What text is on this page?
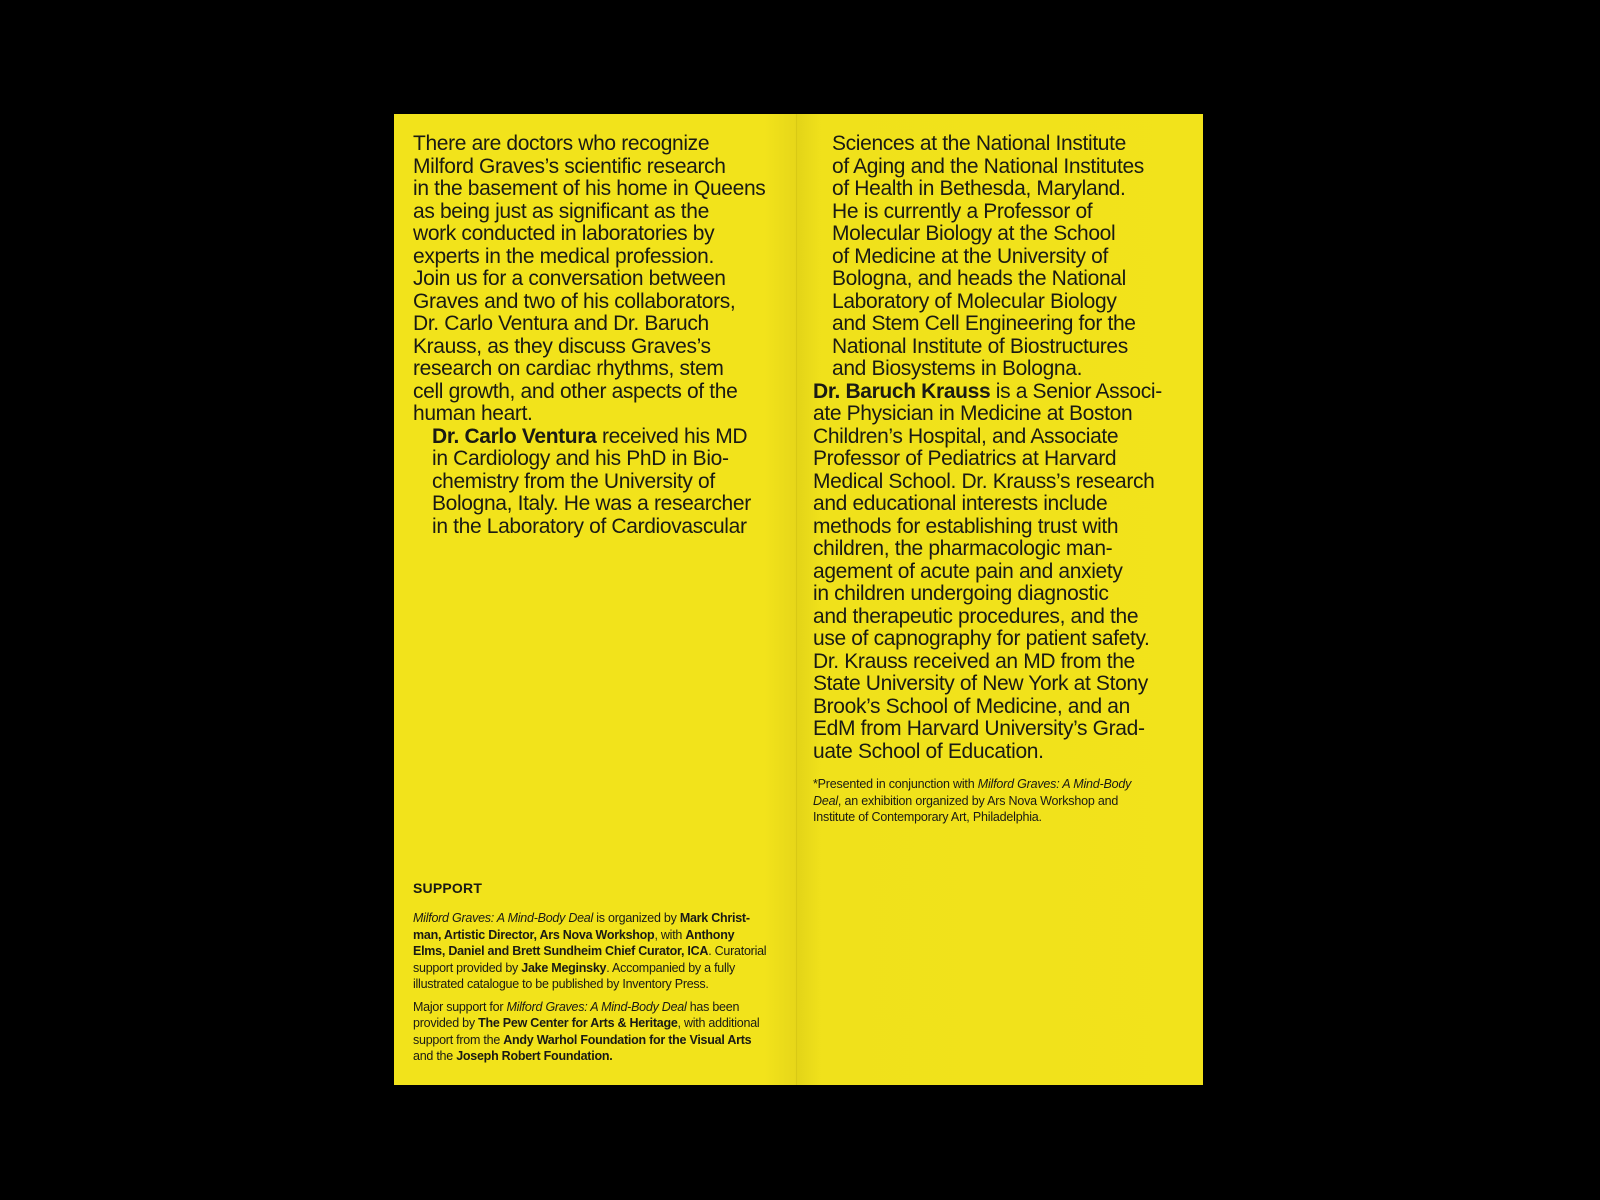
There are doctors who recognize
Milford Graves’s scientific research
in the basement of his home in Queens
as being just as significant as the
work conducted in laboratories by
experts in the medical profession.
Join us for a conversation between
Graves and two of his collaborators,
Dr. Carlo Ventura and Dr. Baruch
Krauss, as they discuss Graves’s
research on cardiac rhythms, stem
cell growth, and other aspects of the
human heart.

Dr. Carlo Ventura received his MD
in Cardiology and his PhD in Bio-
chemistry from the University of
Bologna, Italy. He was a researcher
in the Laboratory of Cardiovascular

SUPPORT

Milford Graves: A Mind-Body Deal is organized by Mark Christ-
man, Artistic Director, Ars Nova Workshop, with Anthony
Elms, Daniel and Brett Sundheim Chief Curator, ICA. Curatorial
support provided by Jake Meginsky. Accompanied by a fully
illustrated catalogue to be published by Inventory Press.

Major support for Milford Graves: A Mind-Body Deal has been
provided by The Pew Center for Arts & Heritage, with additional
support from the Andy Warhol Foundation for the Visual Arts
and the Joseph Robert Foundation.

Sciences at the National Institute
of Aging and the National Institutes
of Health in Bethesda, Maryland.
He is currently a Professor of
Molecular Biology at the School
of Medicine at the University of
Bologna, and heads the National
Laboratory of Molecular Biology
and Stem Cell Engineering for the
National Institute of Biostructures
and Biosystems in Bologna.

Dr. Baruch Krauss is a Senior Associ-
ate Physician in Medicine at Boston
Children’s Hospital, and Associate
Professor of Pediatrics at Harvard
Medical School. Dr. Krauss’s research
and educational interests include
methods for establishing trust with
children, the pharmacologic man-
agement of acute pain and anxiety
in children undergoing diagnostic
and therapeutic procedures, and the
use of capnography for patient safety.
Dr. Krauss received an MD from the
State University of New York at Stony
Brook’s School of Medicine, and an
EdM from Harvard University’s Grad-
uate School of Education.

*Presented in conjunction with Milford Graves: A Mind-Body
Deal, an exhibition organized by Ars Nova Workshop and
Institute of Contemporary Art, Philadelphia.
